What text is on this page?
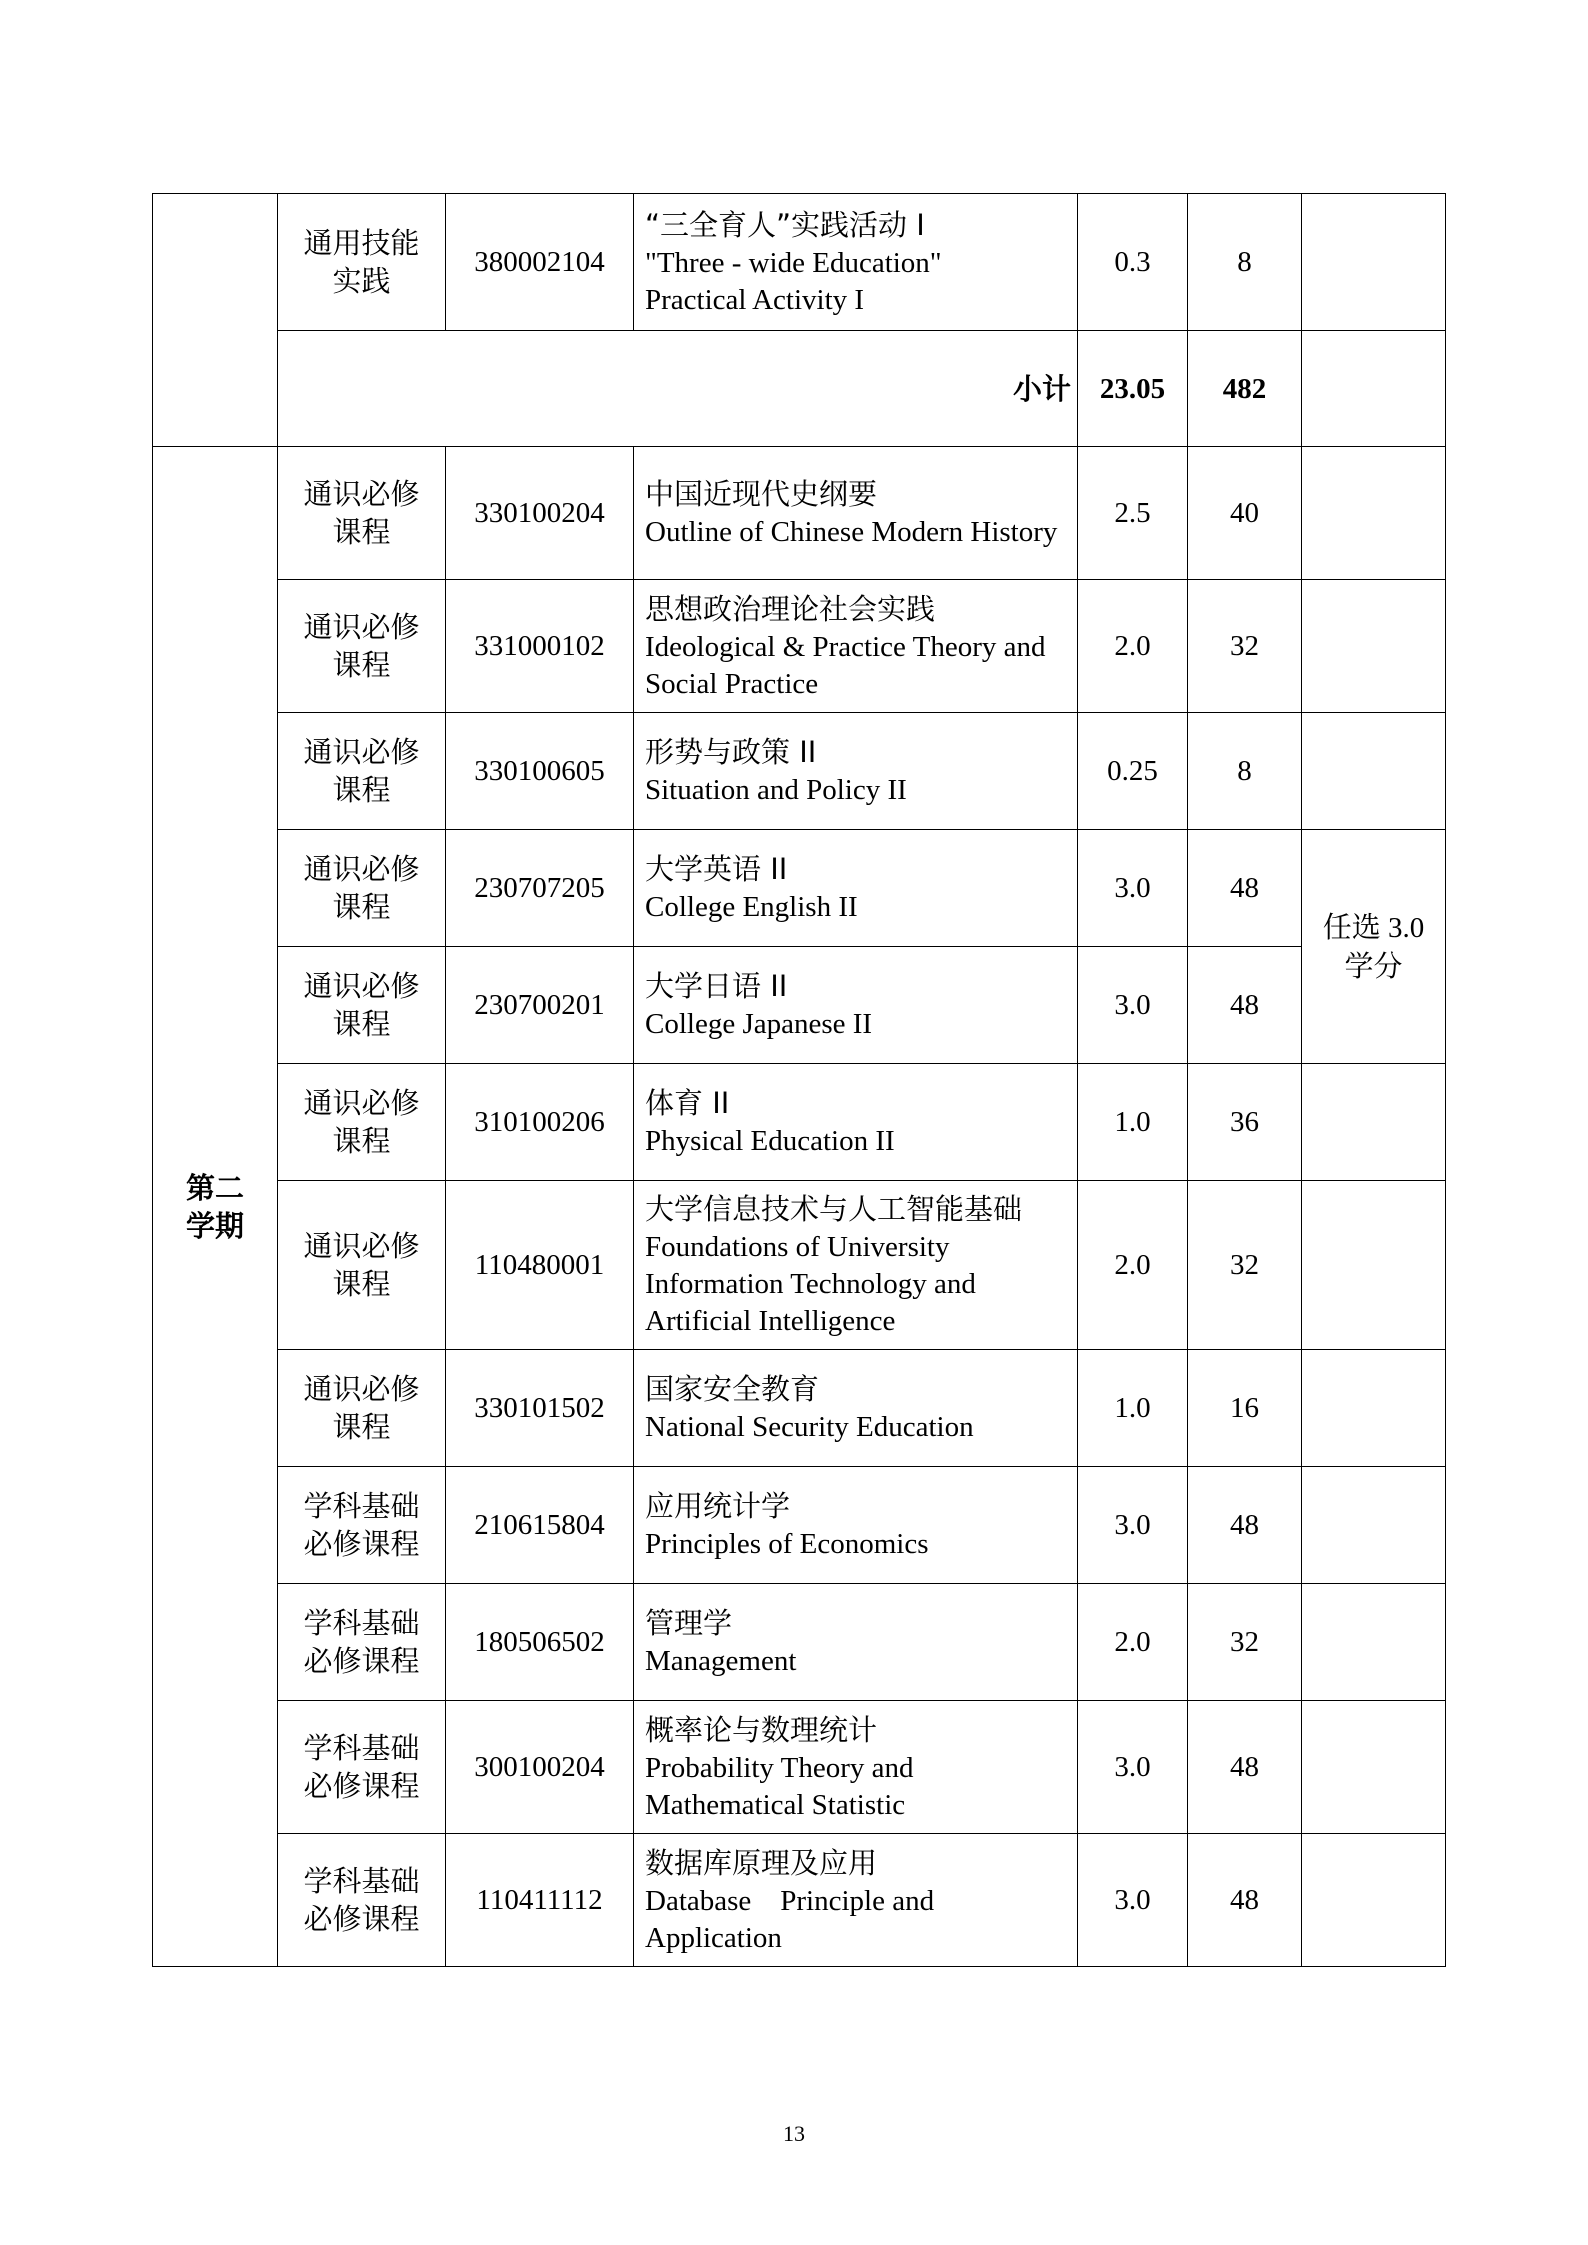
	通用技能实践	380002104	“三全育人”实践活动 I
"Three - wide Education" Practical Activity I	0.3	8	
	小计			23.05	482	
第二学期	通识必修课程	330100204	中国近现代史纲要
Outline of Chinese Modern History	2.5	40	
	通识必修课程	331000102	思想政治理论社会实践
Ideological & Practice Theory and Social Practice	2.0	32	
	通识必修课程	330100605	形势与政策 II
Situation and Policy II	0.25	8	
	通识必修课程	230707205	大学英语 II
College English II	3.0	48	任选 3.0
学分

	通识必修课程	230700201	大学日语 II
College Japanese II	3.0	48	
	通识必修课程	310100206	体育 II
Physical Education II	1.0	36	
	通识必修课程	110480001	大学信息技术与人工智能基础
Foundations of University Information Technology and Artificial Intelligence	2.0	32	
	通识必修课程	330101502	国家安全教育
National Security Education	1.0	16	
	学科基础必修课程	210615804	应用统计学
Principles of Economics	3.0	48	
	学科基础必修课程	180506502	管理学
Management	2.0	32	
	学科基础必修课程	300100204	概率论与数理统计
Probability Theory and Mathematical Statistic	3.0	48	
	学科基础必修课程	110411112	数据库原理及应用
Database    Principle and Application	3.0	48	
13
